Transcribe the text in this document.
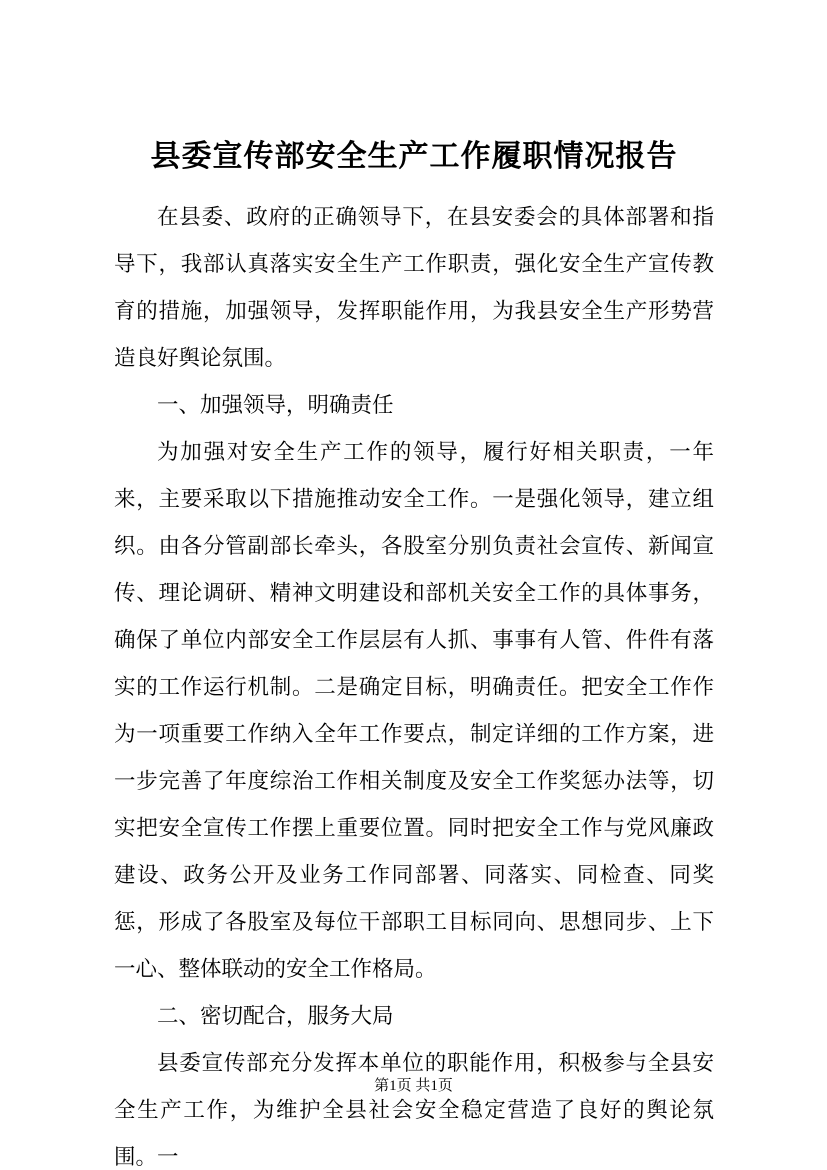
县委宣传部安全生产工作履职情况报告

在县委、政府的正确领导下，在县安委会的具体部署和指导下，我部认真落实安全生产工作职责，强化安全生产宣传教育的措施，加强领导，发挥职能作用，为我县安全生产形势营造良好舆论氛围。

一、加强领导，明确责任

为加强对安全生产工作的领导，履行好相关职责，一年来，主要采取以下措施推动安全工作。一是强化领导，建立组织。由各分管副部长牵头，各股室分别负责社会宣传、新闻宣传、理论调研、精神文明建设和部机关安全工作的具体事务，确保了单位内部安全工作层层有人抓、事事有人管、件件有落实的工作运行机制。二是确定目标，明确责任。把安全工作作为一项重要工作纳入全年工作要点，制定详细的工作方案，进一步完善了年度综治工作相关制度及安全工作奖惩办法等，切实把安全宣传工作摆上重要位置。同时把安全工作与党风廉政建设、政务公开及业务工作同部署、同落实、同检查、同奖惩，形成了各股室及每位干部职工目标同向、思想同步、上下一心、整体联动的安全工作格局。

二、密切配合，服务大局

县委宣传部充分发挥本单位的职能作用，积极参与全县安全生产工作，为维护全县社会安全稳定营造了良好的舆论氛围。一

第1页 共1页
